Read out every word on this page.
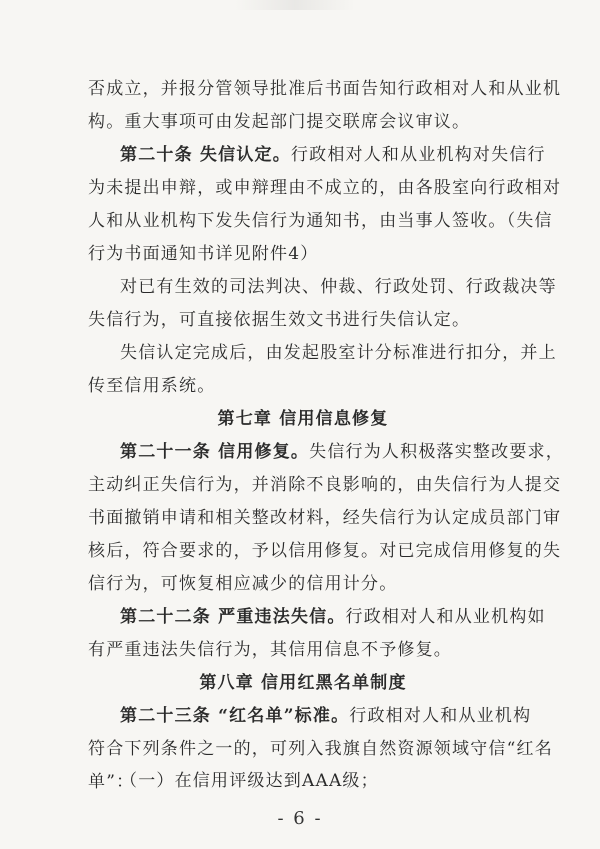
否成立，并报分管领导批准后书面告知行政相对人和从业机
构。重大事项可由发起部门提交联席会议审议。
第二十条 失信认定。行政相对人和从业机构对失信行
为未提出申辩，或申辩理由不成立的，由各股室向行政相对
人和从业机构下发失信行为通知书，由当事人签收。（失信
行为书面通知书详见附件4）
对已有生效的司法判决、仲裁、行政处罚、行政裁决等
失信行为，可直接依据生效文书进行失信认定。
失信认定完成后，由发起股室计分标准进行扣分，并上
传至信用系统。
第七章 信用信息修复
第二十一条 信用修复。失信行为人积极落实整改要求，
主动纠正失信行为，并消除不良影响的，由失信行为人提交
书面撤销申请和相关整改材料，经失信行为认定成员部门审
核后，符合要求的，予以信用修复。对已完成信用修复的失
信行为，可恢复相应减少的信用计分。
第二十二条 严重违法失信。行政相对人和从业机构如
有严重违法失信行为，其信用信息不予修复。
第八章 信用红黑名单制度
第二十三条 “红名单”标准。行政相对人和从业机构
符合下列条件之一的，可列入我旗自然资源领域守信“红名
单”：
- 6 -
（一）在信用评级达到AAA级；
